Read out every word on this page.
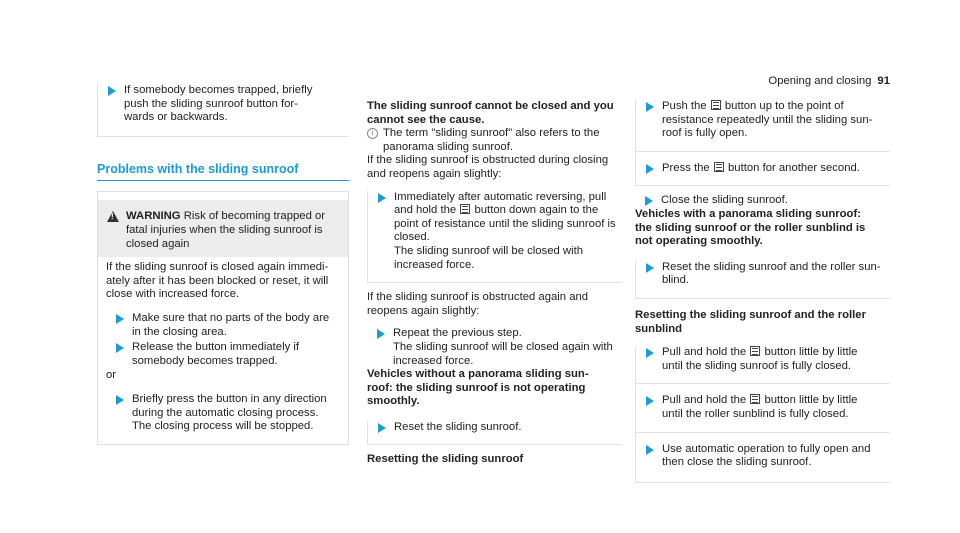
Opening and closing 91
If somebody becomes trapped, briefly
push the sliding sunroof button for-
wards or backwards.
Problems with the sliding sunroof
!
WARNING Risk of becoming trapped or
fatal injuries when the sliding sunroof is
closed again
If the sliding sunroof is closed again immedi-
ately after it has been blocked or reset, it will
close with increased force.
Make sure that no parts of the body are
in the closing area.
Release the button immediately if
somebody becomes trapped.
or
Briefly press the button in any direction
during the automatic closing process.
The closing process will be stopped.
The sliding sunroof cannot be closed and you
cannot see the cause.
i The term "sliding sunroof" also refers to the
panorama sliding sunroof.
If the sliding sunroof is obstructed during closing
and reopens again slightly:
Immediately after automatic reversing, pull
and hold the button down again to the
point of resistance until the sliding sunroof is
closed.
The sliding sunroof will be closed with
increased force.
If the sliding sunroof is obstructed again and
reopens again slightly:
Repeat the previous step.
The sliding sunroof will be closed again with
increased force.
Vehicles without a panorama sliding sun-
roof: the sliding sunroof is not operating
smoothly.
Reset the sliding sunroof.
Resetting the sliding sunroof
Push the button up to the point of
resistance repeatedly until the sliding sun-
roof is fully open.
Press the button for another second.
Close the sliding sunroof.
Vehicles with a panorama sliding sunroof:
the sliding sunroof or the roller sunblind is
not operating smoothly.
Reset the sliding sunroof and the roller sun-
blind.
Resetting the sliding sunroof and the roller
sunblind
Pull and hold the button little by little
until the sliding sunroof is fully closed.
Pull and hold the button little by little
until the roller sunblind is fully closed.
Use automatic operation to fully open and
then close the sliding sunroof.
